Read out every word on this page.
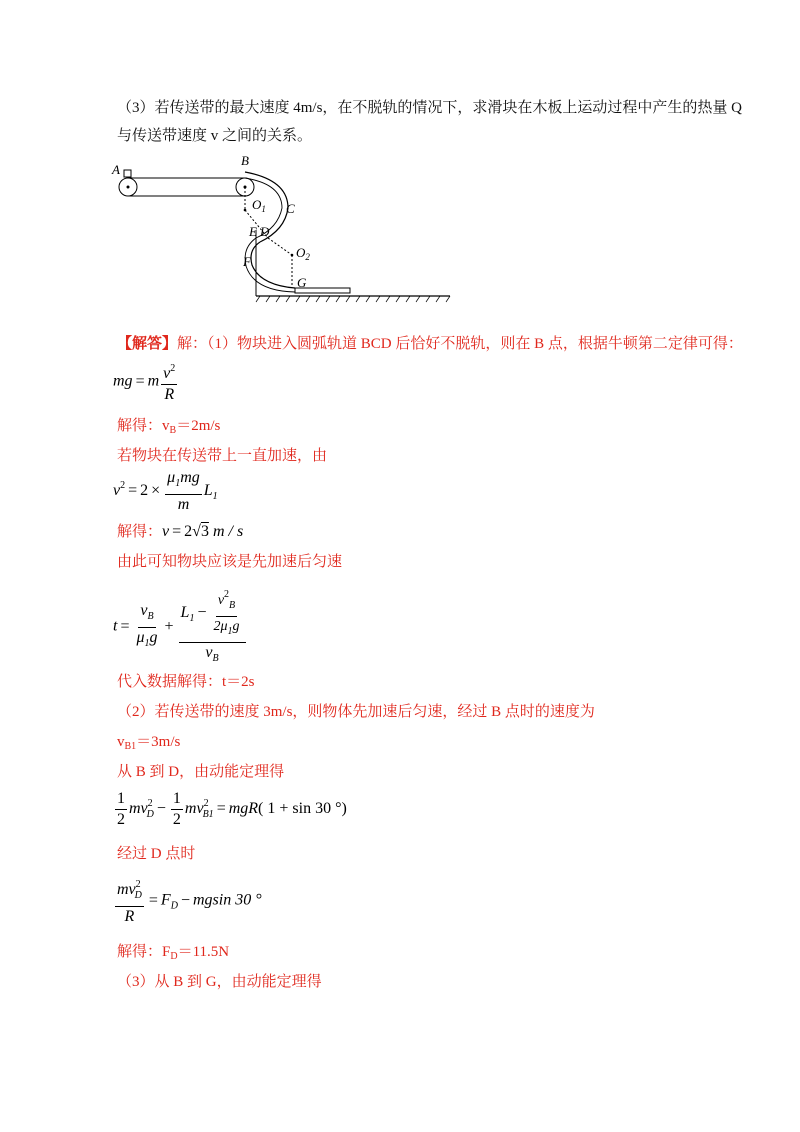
（3）若传送带的最大速度 4m/s，在不脱轨的情况下，求滑块在木板上运动过程中产生的热量 Q
与传送带速度 v 之间的关系。
A
B
C
D
E
F
G
$O_1$
$O_2$
【解答】解：（1）物块进入圆弧轨道 BCD 后恰好不脱轨，则在 B 点，根据牛顿第二定律可得：
mg = m $\frac{v^2}{R}$
解得：$v_B=2m/s$
若物块在传送带上一直加速，由
$v^2 = 2 \times \frac{\mu_1mg}{m} L_1$
解得：v = 2√3 m / s
由此可知物块应该是先加速后匀速
$t = \frac{v_B}{\mu_1g} + \frac{L_1 - \frac{v^2_B}{2\mu_1g}}{v_B}$
代入数据解得：t＝2s
（2）若传送带的速度 3m/s，则物体先加速后匀速，经过 B 点时的速度为
$v_{B1}=3m/s$
从 B 到 D，由动能定理得
$\frac{1}{2} mv^2_D - \frac{1}{2} mv^2_{B1} = mgR$( 1 + sin 30 °)
经过 D 点时
$\frac{mv^2_D}{R} = F_D - mgsin$ 30 °
解得：$F_D=11.5N$
（3）从 B 到 G，由动能定理得
